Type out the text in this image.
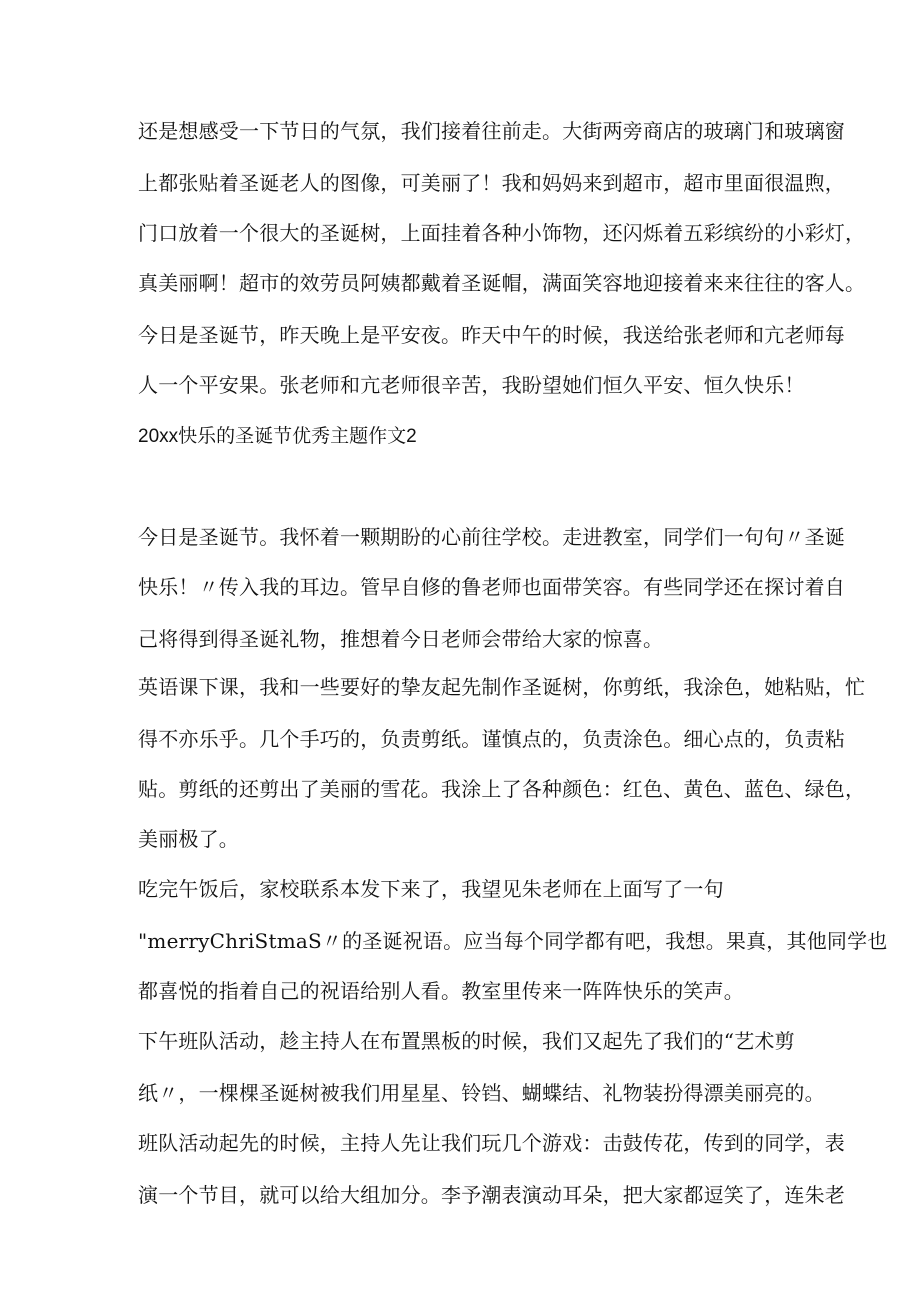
还是想感受一下节日的气氛，我们接着往前走。大街两旁商店的玻璃门和玻璃窗
上都张贴着圣诞老人的图像，可美丽了！我和妈妈来到超市，超市里面很温煦，
门口放着一个很大的圣诞树，上面挂着各种小饰物，还闪烁着五彩缤纷的小彩灯，
真美丽啊！超市的效劳员阿姨都戴着圣诞帽，满面笑容地迎接着来来往往的客人。
今日是圣诞节，昨天晚上是平安夜。昨天中午的时候，我送给张老师和亢老师每
人一个平安果。张老师和亢老师很辛苦，我盼望她们恒久平安、恒久快乐！
20xx快乐的圣诞节优秀主题作文2
今日是圣诞节。我怀着一颗期盼的心前往学校。走进教室，同学们一句句〃圣诞
快乐！〃传入我的耳边。管早自修的鲁老师也面带笑容。有些同学还在探讨着自
己将得到得圣诞礼物，推想着今日老师会带给大家的惊喜。
英语课下课，我和一些要好的挚友起先制作圣诞树，你剪纸，我涂色，她粘贴，忙
得不亦乐乎。几个手巧的，负责剪纸。谨慎点的，负责涂色。细心点的，负责粘
贴。剪纸的还剪出了美丽的雪花。我涂上了各种颜色：红色、黄色、蓝色、绿色，
美丽极了。
吃完午饭后，家校联系本发下来了，我望见朱老师在上面写了一句
"merryChriStmaS〃的圣诞祝语。应当每个同学都有吧，我想。果真，其他同学也
都喜悦的指着自己的祝语给别人看。教室里传来一阵阵快乐的笑声。
下午班队活动，趁主持人在布置黑板的时候，我们又起先了我们的“艺术剪
纸〃，一棵棵圣诞树被我们用星星、铃铛、蝴蝶结、礼物装扮得漂美丽亮的。
班队活动起先的时候，主持人先让我们玩几个游戏：击鼓传花，传到的同学，表
演一个节目，就可以给大组加分。李予潮表演动耳朵，把大家都逗笑了，连朱老
